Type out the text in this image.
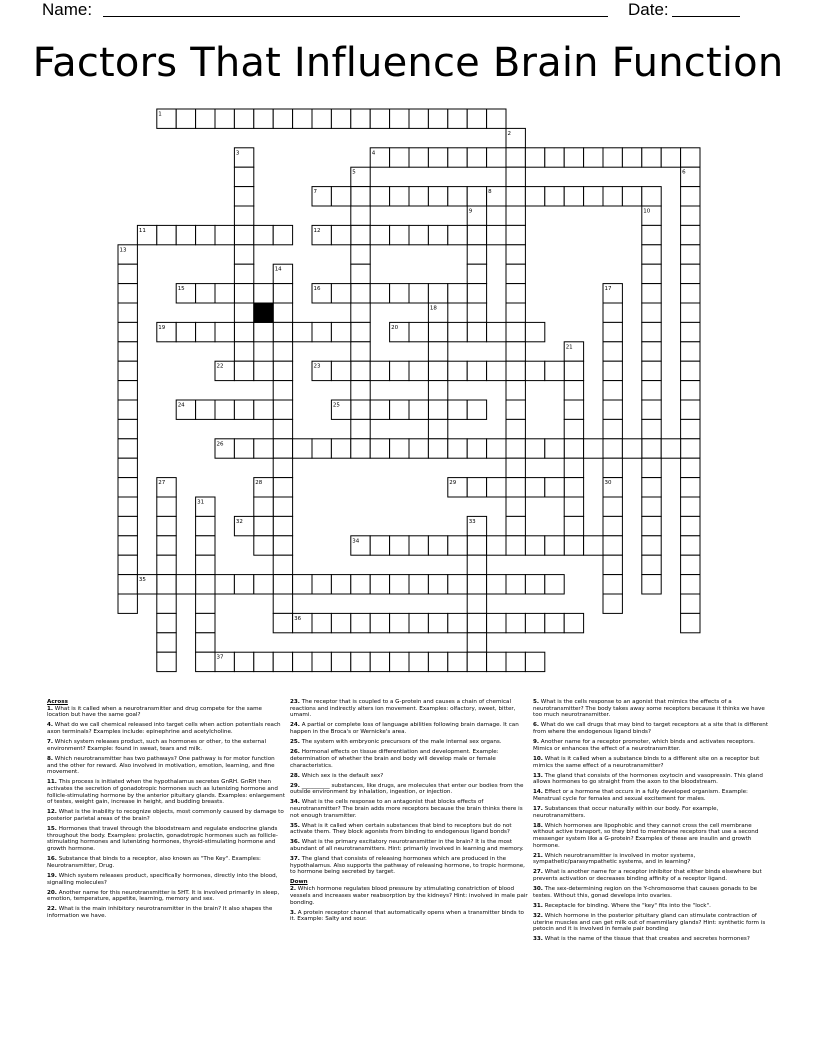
Name:	Date:
Factors That Influence Brain Function
1
2
3	4
5	6
7	8
9	10
11	12
13
14
15	16	17
18
19	20
21
22	23
24	25
26
27	28	29	30
31
32	33
34
35
36
37
Across
1. What is it called when a neurotransmitter and drug compete for the same location but have the same goal?
4. What do we call chemical released into target cells when action potentials reach axon terminals? Examples include: epinephrine and acetylcholine.
7. Which system releases product, such as hormones or other, to the external environment? Example: found in sweat, tears and milk.
8. Which neurotransmitter has two pathways? One pathway is for motor function and the other for reward. Also involved in motivation, emotion, learning, and fine movement.
11. This process is initiated when the hypothalamus secretes GnRH. GnRH then activates the secretion of gonadotropic hormones such as lutenizing hormone and follicle-stimulating hormone by the anterior pituitary glands. Examples: enlargement of testes, weight gain, increase in height, and budding breasts.
12. What is the inability to recognize objects, most commonly caused by damage to posterior parietal areas of the brain?
15. Hormones that travel through the bloodstream and regulate endocrine glands throughout the body. Examples: prolactin, gonadotropic hormones such as follicle-stimulating hormones and lutenizing hormones, thyroid-stimulating hormone and growth hormone.
16. Substance that binds to a receptor, also known as "The Key". Examples: Neurotransmitter, Drug.
19. Which system releases product, specifically hormones, directly into the blood, signalling molecules?
20. Another name for this neurotransmitter is 5HT. It is involved primarily in sleep, emotion, temperature, appetite, learning, memory and sex.
22. What is the main inhibitory neurotransmitter in the brain? It also shapes the information we have.
23. The receptor that is coupled to a G-protein and causes a chain of chemical reactions and indirectly alters ion movement. Examples: olfactory, sweet, bitter, umami.
24. A partial or complete loss of language abilities following brain damage. It can happen in the Broca's or Wernicke's area.
25. The system with embryonic precursors of the male internal sex organs.
26. Hormonal effects on tissue differentiation and development. Example: determination of whether the brain and body will develop male or female characteristics.
28. Which sex is the default sex?
29. __________ substances, like drugs, are molecules that enter our bodies from the outside environment by inhalation, ingestion, or injection.
34. What is the cells response to an antagonist that blocks effects of neurotransmitter? The brain adds more receptors because the brain thinks there is not enough transmitter.
35. What is it called when certain substances that bind to receptors but do not activate them. They block agonists from binding to endogenous ligand bonds?
36. What is the primary excitatory neurotransmitter in the brain? It is the most abundant of all neurotransmitters. Hint: primarily involved in learning and memory.
37. The gland that consists of releasing hormones which are produced in the hypothalamus. Also supports the pathway of releasing hormone, to tropic hormone, to hormone being secreted by target.
Down
2. Which hormone regulates blood pressure by stimulating constriction of blood vessels and increases water reabsorption by the kidneys? Hint: involved in male pair bonding.
3. A protein receptor channel that automatically opens when a transmitter binds to it. Example: Salty and sour.
5. What is the cells response to an agonist that mimics the effects of a neurotransmitter? The body takes away some receptors because it thinks we have too much neurotransmitter.
6. What do we call drugs that may bind to target receptors at a site that is different from where the endogenous ligand binds?
9. Another name for a receptor promoter, which binds and activates receptors. Mimics or enhances the effect of a neurotransmitter.
10. What is it called when a substance binds to a different site on a receptor but mimics the same effect of a neurotransmitter?
13. The gland that consists of the hormones oxytocin and vasopressin. This gland allows hormones to go straight from the axon to the bloodstream.
14. Effect or a hormone that occurs in a fully developed organism. Example: Menstrual cycle for females and sexual excitement for males.
17. Substances that occur naturally within our body. For example, neurotransmitters.
18. Which hormones are lipophobic and they cannot cross the cell membrane without active transport, so they bind to membrane receptors that use a second messenger system like a G-protein? Examples of these are insulin and growth hormone.
21. Which neurotransmitter is involved in motor systems, sympathetic/parasympathetic systems, and in learning?
27. What is another name for a receptor inhibitor that either binds elsewhere but prevents activation or decreases binding affinity of a receptor ligand.
30. The sex-determining region on the Y-chromosome that causes gonads to be testes. Without this, gonad develops into ovaries.
31. Receptacle for binding. Where the "key" fits into the "lock".
32. Which hormone in the posterior pituitary gland can stimulate contraction of uterine muscles and can get milk out of mammilary glands? Hint: synthetic form is petocin and it is involved in female pair bonding
33. What is the name of the tissue that that creates and secretes hormones?
